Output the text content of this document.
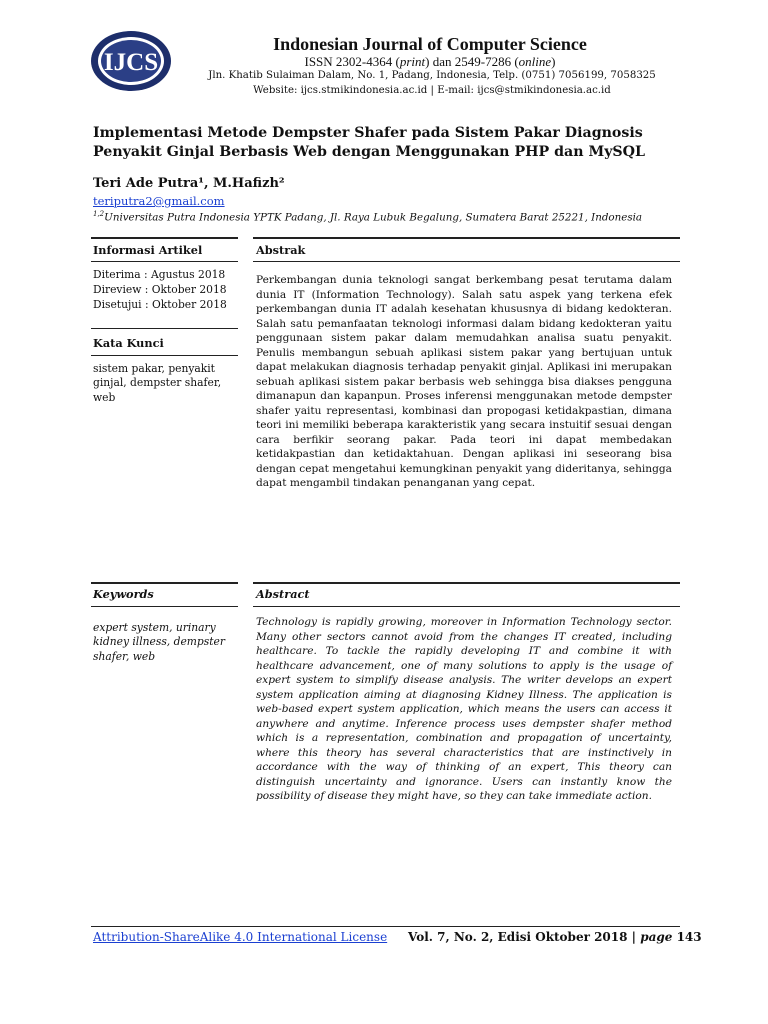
IJCS
Indonesian Journal of Computer Science
ISSN 2302-4364 (print) dan 2549-7286 (online)
Jln. Khatib Sulaiman Dalam, No. 1, Padang, Indonesia, Telp. (0751) 7056199, 7058325
Website: ijcs.stmikindonesia.ac.id | E-mail: ijcs@stmikindonesia.ac.id
Implementasi Metode Dempster Shafer pada Sistem Pakar Diagnosis Penyakit Ginjal Berbasis Web dengan Menggunakan PHP dan MySQL
Teri Ade Putra¹, M.Hafizh²
teriputra2@gmail.com
$^{1,2}$Universitas Putra Indonesia YPTK Padang, Jl. Raya Lubuk Begalung, Sumatera Barat 25221, Indonesia
Informasi Artikel	Abstrak
Diterima : Agustus 2018
Direview : Oktober 2018
Disetujui : Oktober 2018
Kata Kunci
sistem pakar, penyakit ginjal, dempster shafer, web
Perkembangan dunia teknologi sangat berkembang pesat terutama dalam dunia IT (Information Technology). Salah satu aspek yang terkena efek perkembangan dunia IT adalah kesehatan khususnya di bidang kedokteran. Salah satu pemanfaatan teknologi informasi dalam bidang kedokteran yaitu penggunaan sistem pakar dalam memudahkan analisa suatu penyakit. Penulis membangun sebuah aplikasi sistem pakar yang bertujuan untuk dapat melakukan diagnosis terhadap penyakit ginjal. Aplikasi ini merupakan sebuah aplikasi sistem pakar berbasis web sehingga bisa diakses pengguna dimanapun dan kapanpun. Proses inferensi menggunakan metode dempster shafer yaitu representasi, kombinasi dan propogasi ketidakpastian, dimana teori ini memiliki beberapa karakteristik yang secara instuitif sesuai dengan cara berfikir seorang pakar. Pada teori ini dapat membedakan ketidakpastian dan ketidaktahuan. Dengan aplikasi ini seseorang bisa dengan cepat mengetahui kemungkinan penyakit yang dideritanya, sehingga dapat mengambil tindakan penanganan yang cepat.
Keywords	Abstract
expert system, urinary kidney illness, dempster shafer, web
Technology is rapidly growing, moreover in Information Technology sector. Many other sectors cannot avoid from the changes IT created, including healthcare. To tackle the rapidly developing IT and combine it with healthcare advancement, one of many solutions to apply is the usage of expert system to simplify disease analysis. The writer develops an expert system application aiming at diagnosing Kidney Illness. The application is web-based expert system application, which means the users can access it anywhere and anytime. Inference process uses dempster shafer method which is a representation, combination and propagation of uncertainty, where this theory has several characteristics that are instinctively in accordance with the way of thinking of an expert, This theory can distinguish uncertainty and ignorance. Users can instantly know the possibility of disease they might have, so they can take immediate action.
Attribution-ShareAlike 4.0 International License Vol. 7, No. 2, Edisi Oktober 2018 | page 143
